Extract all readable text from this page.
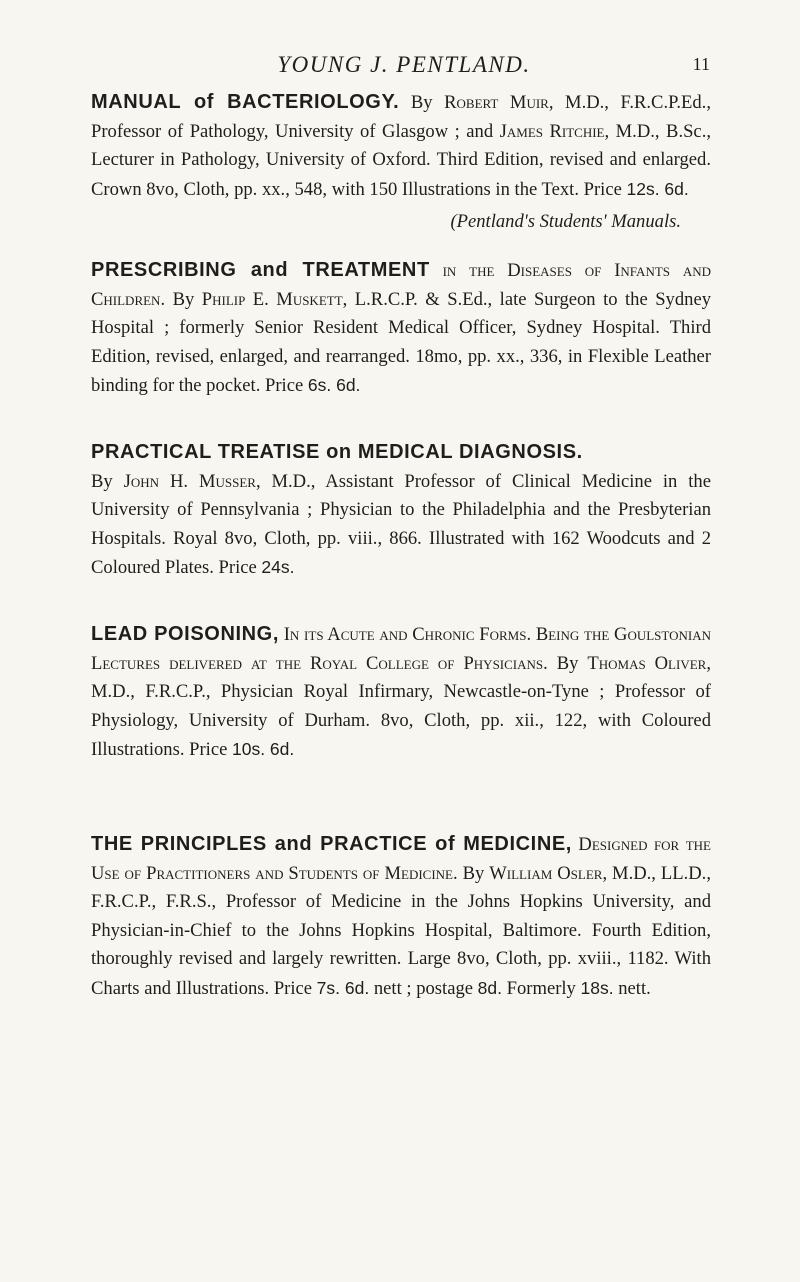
YOUNG J. PENTLAND.	11
MANUAL of BACTERIOLOGY. By Robert Muir, M.D., F.R.C.P.Ed., Professor of Pathology, University of Glasgow ; and James Ritchie, M.D., B.Sc., Lecturer in Pathology, University of Oxford. Third Edition, revised and enlarged. Crown 8vo, Cloth, pp. xx., 548, with 150 Illustrations in the Text. Price 12s. 6d.
(Pentland's Students' Manuals.
PRESCRIBING and TREATMENT in the Diseases of Infants and Children. By Philip E. Muskett, L.R.C.P. & S.Ed., late Surgeon to the Sydney Hospital ; formerly Senior Resident Medical Officer, Sydney Hospital. Third Edition, revised, enlarged, and rearranged. 18mo, pp. xx., 336, in Flexible Leather binding for the pocket. Price 6s. 6d.
PRACTICAL TREATISE on MEDICAL DIAGNOSIS.
By John H. Musser, M.D., Assistant Professor of Clinical Medicine in the University of Pennsylvania ; Physician to the Philadelphia and the Presbyterian Hospitals. Royal 8vo, Cloth, pp. viii., 866. Illustrated with 162 Woodcuts and 2 Coloured Plates. Price 24s.
LEAD POISONING, In its Acute and Chronic Forms. Being the Goulstonian Lectures delivered at the Royal College of Physicians. By Thomas Oliver, M.D., F.R.C.P., Physician Royal Infirmary, Newcastle-on-Tyne ; Professor of Physiology, University of Durham. 8vo, Cloth, pp. xii., 122, with Coloured Illustrations. Price 10s. 6d.
THE PRINCIPLES and PRACTICE of MEDICINE, Designed for the Use of Practitioners and Students of Medicine. By William Osler, M.D., LL.D., F.R.C.P., F.R.S., Professor of Medicine in the Johns Hopkins University, and Physician-in-Chief to the Johns Hopkins Hospital, Baltimore. Fourth Edition, thoroughly revised and largely rewritten. Large 8vo, Cloth, pp. xviii., 1182. With Charts and Illustrations. Price 7s. 6d. nett ; postage 8d. Formerly 18s. nett.
